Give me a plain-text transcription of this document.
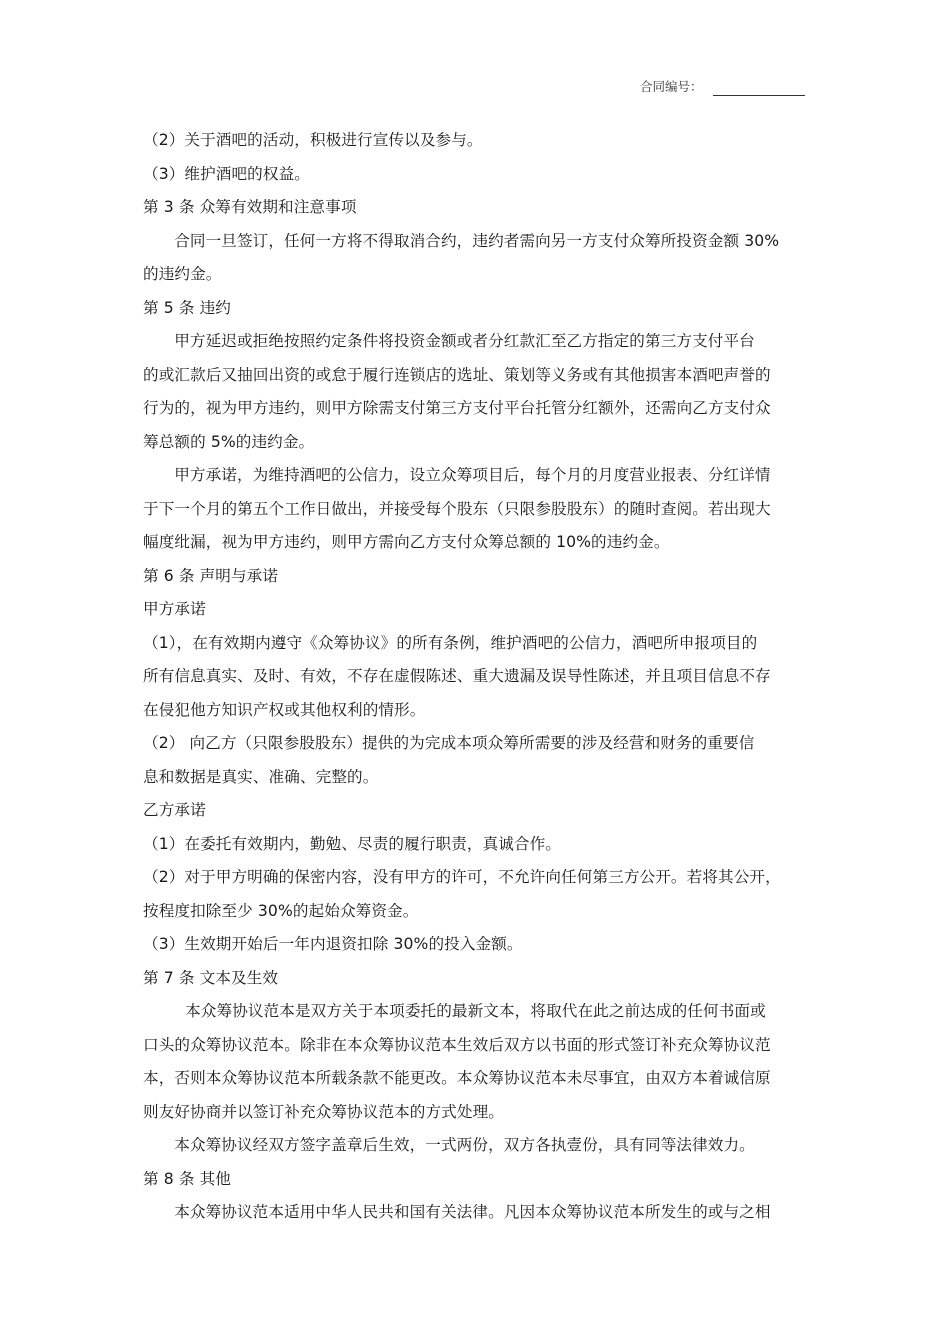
合同编号：

（2）关于酒吧的活动，积极进行宣传以及参与。

（3）维护酒吧的权益。

第 3 条 众筹有效期和注意事项

合同一旦签订，任何一方将不得取消合约，违约者需向另一方支付众筹所投资金额 30%

的违约金。

第 5 条 违约

甲方延迟或拒绝按照约定条件将投资金额或者分红款汇至乙方指定的第三方支付平台

的或汇款后又抽回出资的或怠于履行连锁店的选址、策划等义务或有其他损害本酒吧声誉的

行为的，视为甲方违约，则甲方除需支付第三方支付平台托管分红额外，还需向乙方支付众

筹总额的 5%的违约金。

甲方承诺，为维持酒吧的公信力，设立众筹项目后，每个月的月度营业报表、分红详情

于下一个月的第五个工作日做出，并接受每个股东（只限参股股东）的随时查阅。若出现大

幅度纰漏，视为甲方违约，则甲方需向乙方支付众筹总额的 10%的违约金。

第 6 条 声明与承诺

甲方承诺

（1），在有效期内遵守《众筹协议》的所有条例，维护酒吧的公信力，酒吧所申报项目的

所有信息真实、及时、有效，不存在虚假陈述、重大遗漏及误导性陈述，并且项目信息不存

在侵犯他方知识产权或其他权利的情形。

（2） 向乙方（只限参股股东）提供的为完成本项众筹所需要的涉及经营和财务的重要信

息和数据是真实、准确、完整的。

乙方承诺

（1）在委托有效期内，勤勉、尽责的履行职责，真诚合作。

（2）对于甲方明确的保密内容，没有甲方的许可，不允许向任何第三方公开。若将其公开，

按程度扣除至少 30%的起始众筹资金。

（3）生效期开始后一年内退资扣除 30%的投入金额。

第 7 条 文本及生效

本众筹协议范本是双方关于本项委托的最新文本，将取代在此之前达成的任何书面或

口头的众筹协议范本。除非在本众筹协议范本生效后双方以书面的形式签订补充众筹协议范

本，否则本众筹协议范本所载条款不能更改。本众筹协议范本未尽事宜，由双方本着诚信原

则友好协商并以签订补充众筹协议范本的方式处理。

本众筹协议经双方签字盖章后生效，一式两份，双方各执壹份，具有同等法律效力。

第 8 条 其他

本众筹协议范本适用中华人民共和国有关法律。凡因本众筹协议范本所发生的或与之相
